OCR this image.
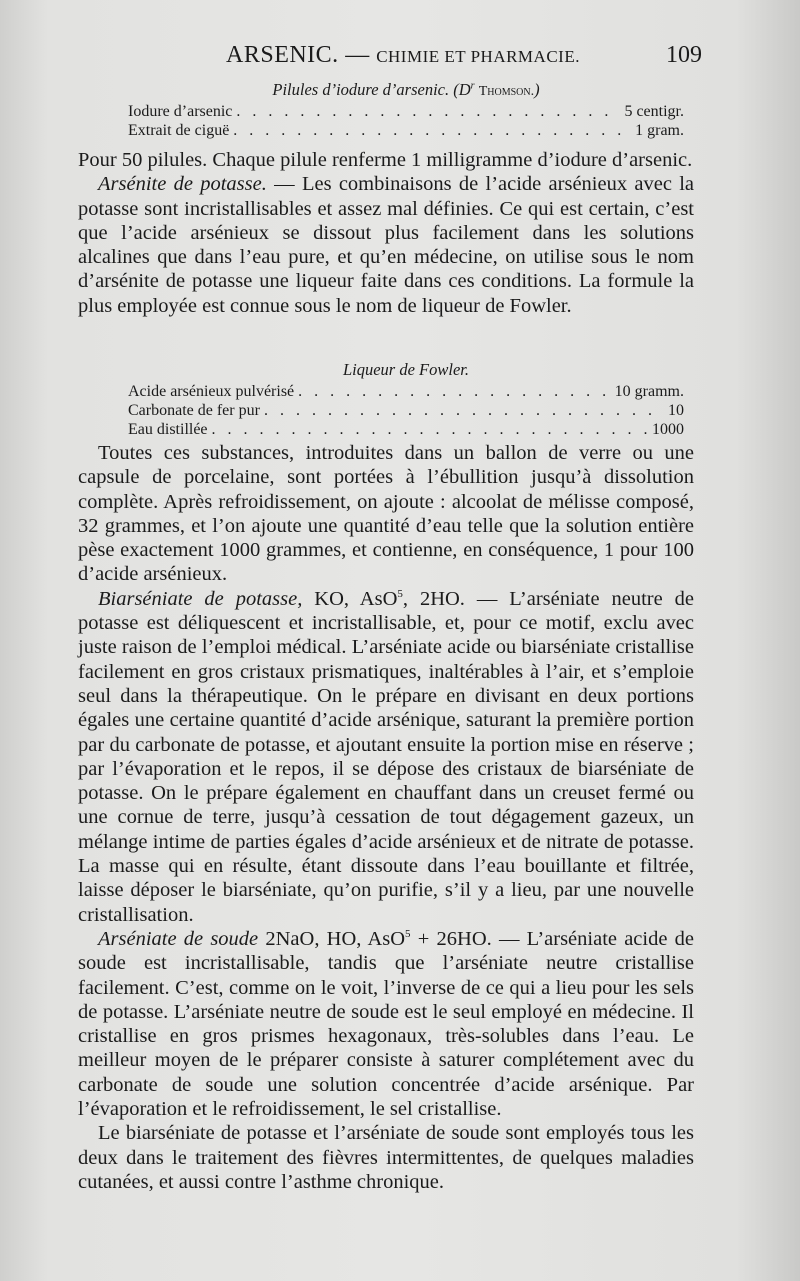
ARSENIC. — CHIMIE ET PHARMACIE.	109
Pilules d’iodure d’arsenic. ($D^r$ Thomson.)
Iodure d’arsenic . . .	5 centigr.
Extrait de ciguë . . .	1 gram.

Pour 50 pilules. Chaque pilule renferme 1 milligramme d’iodure d’arsenic.

Arsénite de potasse. — Les combinaisons de l’acide arsénieux avec la potasse sont incristallisables et assez mal définies. Ce qui est certain, c’est que l’acide arsénieux se dissout plus facilement dans les solutions alcalines que dans l’eau pure, et qu’en médecine, on utilise sous le nom d’arsénite de potasse une liqueur faite dans ces conditions. La formule la plus employée est connue sous le nom de liqueur de Fowler.

Liqueur de Fowler.
Acide arsénieux pulvérisé . . .	10 gramm.
Carbonate de fer pur . . .	10
Eau distillée . . .	1000

Toutes ces substances, introduites dans un ballon de verre ou une capsule de porcelaine, sont portées à l’ébullition jusqu’à dissolution complète. Après refroidissement, on ajoute : alcoolat de mélisse composé, 32 grammes, et l’on ajoute une quantité d’eau telle que la solution entière pèse exactement 1000 grammes, et contienne, en conséquence, 1 pour 100 d’acide arsénieux.

Biarséniate de potasse, KO, AsO$^5$, 2HO. — L’arséniate neutre de potasse est déliquescent et incristallisable, et, pour ce motif, exclu avec juste raison de l’emploi médical. L’arséniate acide ou biarséniate cristallise facilement en gros cristaux prismatiques, inaltérables à l’air, et s’emploie seul dans la thérapeutique. On le prépare en divisant en deux portions égales une certaine quantité d’acide arsénique, saturant la première portion par du carbonate de potasse, et ajoutant ensuite la portion mise en réserve ; par l’évaporation et le repos, il se dépose des cristaux de biarséniate de potasse. On le prépare également en chauffant dans un creuset fermé ou une cornue de terre, jusqu’à cessation de tout dégagement gazeux, un mélange intime de parties égales d’acide arsénieux et de nitrate de potasse. La masse qui en résulte, étant dissoute dans l’eau bouillante et filtrée, laisse déposer le biarséniate, qu’on purifie, s’il y a lieu, par une nouvelle cristallisation.

Arséniate de soude 2NaO, HO, AsO$^5$ + 26HO. — L’arséniate acide de soude est incristallisable, tandis que l’arséniate neutre cristallise facilement. C’est, comme on le voit, l’inverse de ce qui a lieu pour les sels de potasse. L’arséniate neutre de soude est le seul employé en médecine. Il cristallise en gros prismes hexagonaux, très-solubles dans l’eau. Le meilleur moyen de le préparer consiste à saturer complétement avec du carbonate de soude une solution concentrée d’acide arsénique. Par l’évaporation et le refroidissement, le sel cristallise.

Le biarséniate de potasse et l’arséniate de soude sont employés tous les deux dans le traitement des fièvres intermittentes, de quelques maladies cutanées, et aussi contre l’asthme chronique.
